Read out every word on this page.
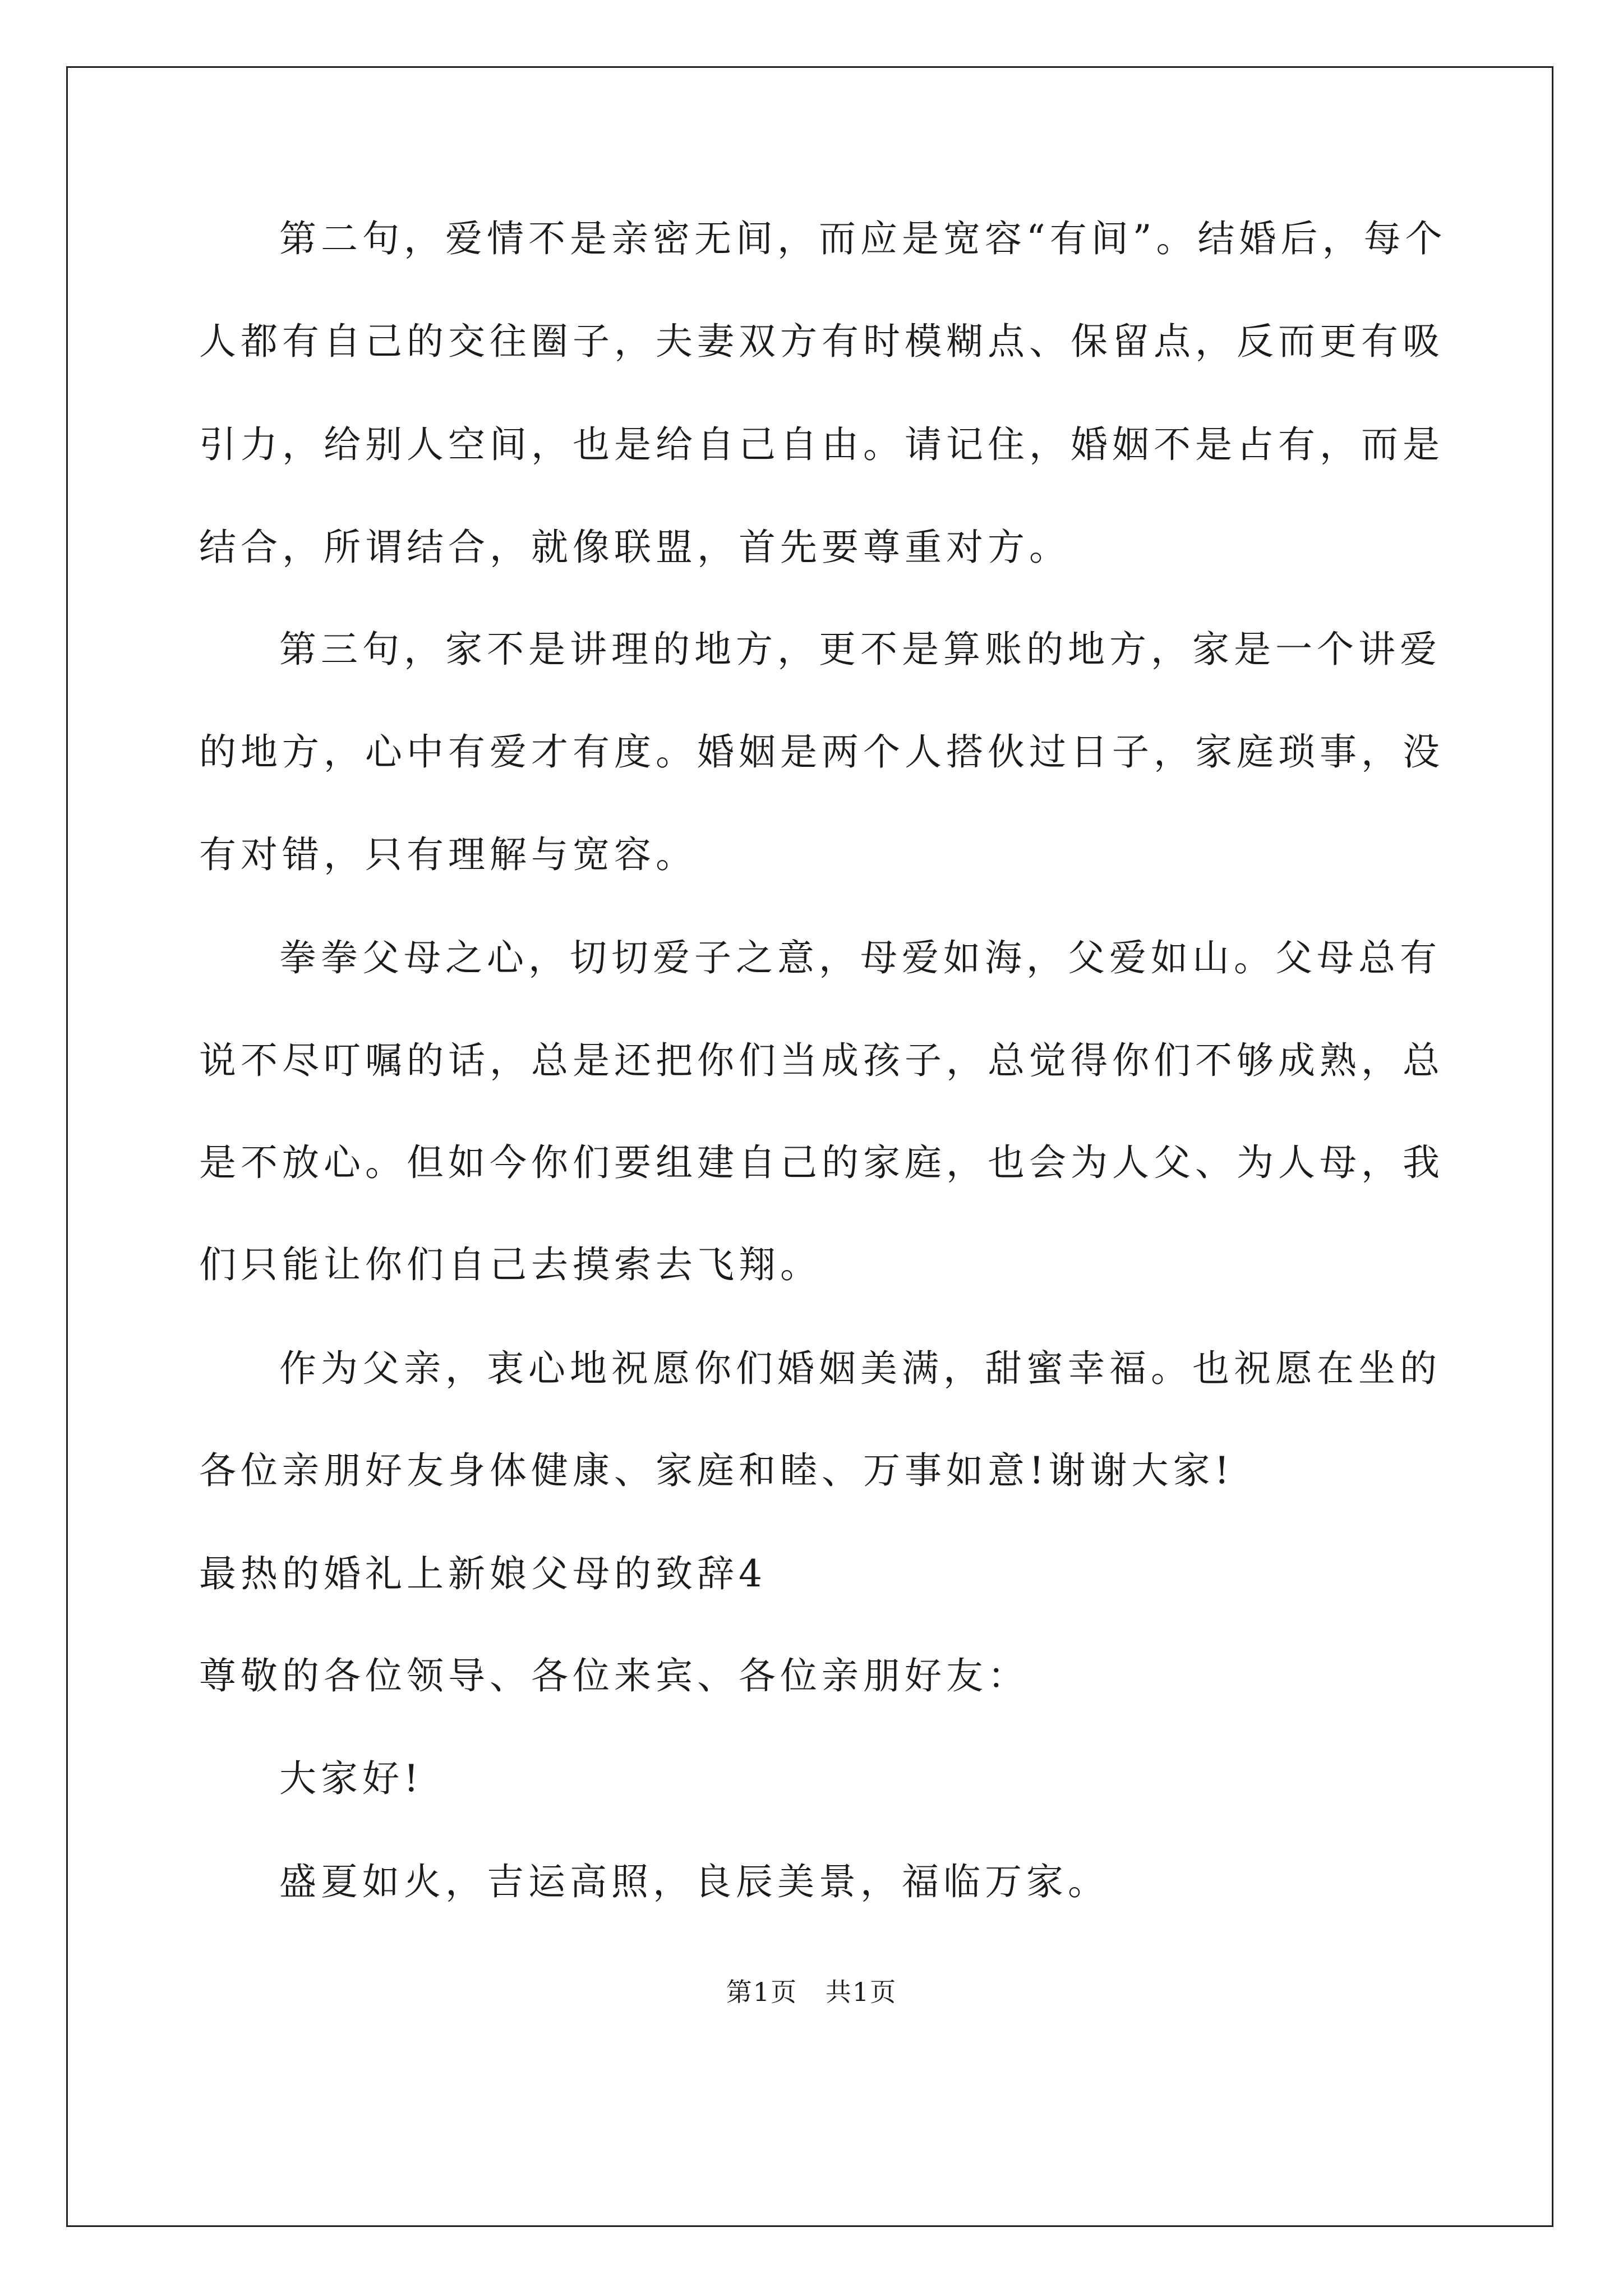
第二句，爱情不是亲密无间，而应是宽容“有间”。结婚后，每个
人都有自己的交往圈子，夫妻双方有时模糊点、保留点，反而更有吸
引力，给别人空间，也是给自己自由。请记住，婚姻不是占有，而是
结合，所谓结合，就像联盟，首先要尊重对方。
第三句，家不是讲理的地方，更不是算账的地方，家是一个讲爱
的地方，心中有爱才有度。婚姻是两个人搭伙过日子，家庭琐事，没
有对错，只有理解与宽容。
拳拳父母之心，切切爱子之意，母爱如海，父爱如山。父母总有
说不尽叮嘱的话，总是还把你们当成孩子，总觉得你们不够成熟，总
是不放心。但如今你们要组建自己的家庭，也会为人父、为人母，我
们只能让你们自己去摸索去飞翔。
作为父亲，衷心地祝愿你们婚姻美满，甜蜜幸福。也祝愿在坐的
各位亲朋好友身体健康、家庭和睦、万事如意!谢谢大家!
最热的婚礼上新娘父母的致辞4
尊敬的各位领导、各位来宾、各位亲朋好友：
大家好!
盛夏如火，吉运高照，良辰美景，福临万家。
第1页   共1页
